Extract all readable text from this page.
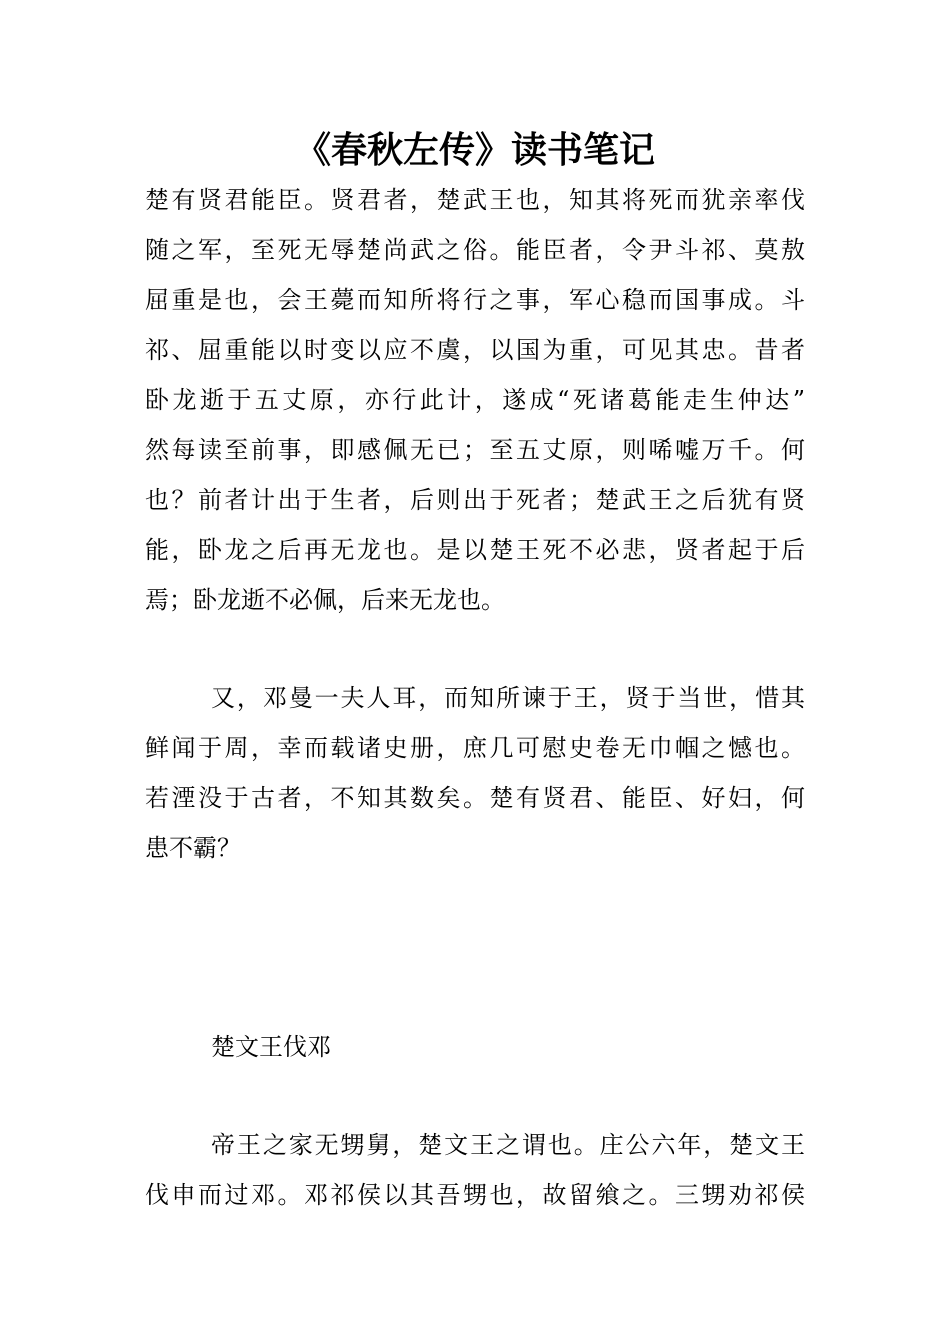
《春秋左传》读书笔记

楚有贤君能臣。贤君者，楚武王也，知其将死而犹亲率伐

随之军，至死无辱楚尚武之俗。能臣者，令尹斗祁、莫敖

屈重是也，会王薨而知所将行之事，军心稳而国事成。斗

祁、屈重能以时变以应不虞，以国为重，可见其忠。昔者

卧龙逝于五丈原，亦行此计，遂成“死诸葛能走生仲达”

然每读至前事，即感佩无已；至五丈原，则唏嘘万千。何

也？前者计出于生者，后则出于死者；楚武王之后犹有贤

能，卧龙之后再无龙也。是以楚王死不必悲，贤者起于后

焉；卧龙逝不必佩，后来无龙也。

又，邓曼一夫人耳，而知所谏于王，贤于当世，惜其

鲜闻于周，幸而载诸史册，庶几可慰史卷无巾帼之憾也。

若湮没于古者，不知其数矣。楚有贤君、能臣、好妇，何

患不霸？

楚文王伐邓

帝王之家无甥舅，楚文王之谓也。庄公六年，楚文王

伐申而过邓。邓祁侯以其吾甥也，故留飨之。三甥劝祁侯
